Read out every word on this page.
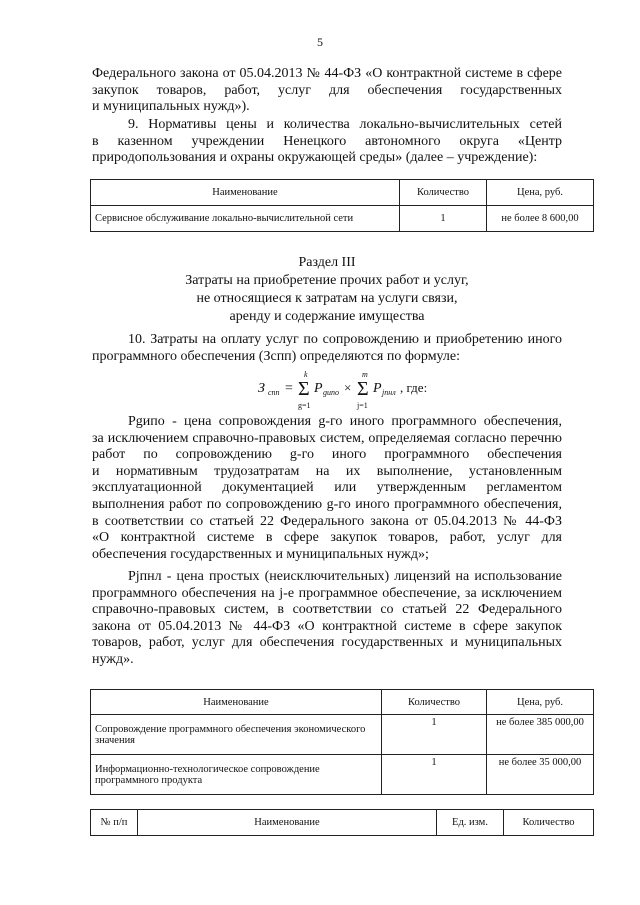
5
Федерального закона от 05.04.2013 № 44-ФЗ «О контрактной системе в сфере
закупок товаров, работ, услуг для обеспечения государственных
и муниципальных нужд»).
9. Нормативы цены и количества локально-вычислительных сетей
в казенном учреждении Ненецкого автономного округа «Центр
природопользования и охраны окружающей среды» (далее – учреждение):
Наименование	Количество	Цена, руб.
Сервисное обслуживание локально-вычислительной сети	1	не более 8 600,00
Раздел III
Затраты на приобретение прочих работ и услуг,
не относящиеся к затратам на услуги связи,
аренду и содержание имущества
10. Затраты на оплату услуг по сопровождению и приобретению иного
программного обеспечения (Зспп) определяются по формуле:
З спп =
k
Σ
g=1
P gипо ×
m
Σ
j=1
P jпнл , где:
Pgипо - цена сопровождения g-го иного программного обеспечения,
за исключением справочно-правовых систем, определяемая согласно перечню
работ по сопровождению g-го иного программного обеспечения
и нормативным трудозатратам на их выполнение, установленным
эксплуатационной документацией или утвержденным регламентом
выполнения работ по сопровождению g-го иного программного обеспечения,
в соответствии со статьей 22 Федерального закона от 05.04.2013 № 44-ФЗ
«О контрактной системе в сфере закупок товаров, работ, услуг для
обеспечения государственных и муниципальных нужд»;
Pjпнл - цена простых (неисключительных) лицензий на использование
программного обеспечения на j-е программное обеспечение, за исключением
справочно-правовых систем, в соответствии со статьей 22 Федерального
закона от 05.04.2013 № 44-ФЗ «О контрактной системе в сфере закупок
товаров, работ, услуг для обеспечения государственных и муниципальных
нужд».
Наименование	Количество	Цена, руб.
Сопровождение программного обеспечения экономического значения	1	не более 385 000,00
Информационно-технологическое сопровождение программного продукта	1	не более 35 000,00
№ п/п	Наименование	Ед. изм.	Количество
